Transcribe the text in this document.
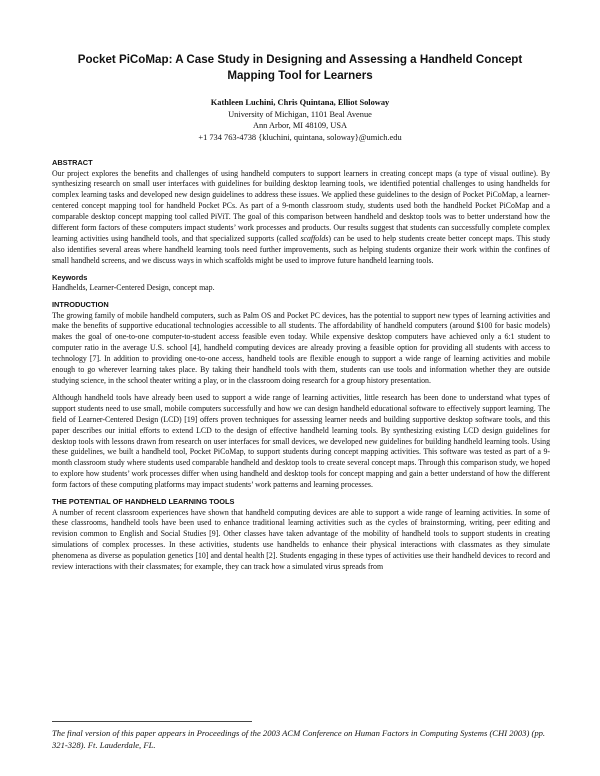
Pocket PiCoMap: A Case Study in Designing and Assessing a Handheld Concept Mapping Tool for Learners
Kathleen Luchini, Chris Quintana, Elliot Soloway
University of Michigan, 1101 Beal Avenue
Ann Arbor, MI 48109, USA
+1 734 763-4738 {kluchini, quintana, soloway}@umich.edu
ABSTRACT

Our project explores the benefits and challenges of using handheld computers to support learners in creating concept maps (a type of visual outline). By synthesizing research on small user interfaces with guidelines for building desktop learning tools, we identified potential challenges to using handhelds for complex learning tasks and developed new design guidelines to address these issues. We applied these guidelines to the design of Pocket PiCoMap, a learner-centered concept mapping tool for handheld Pocket PCs. As part of a 9-month classroom study, students used both the handheld Pocket PiCoMap and a comparable desktop concept mapping tool called PiViT. The goal of this comparison between handheld and desktop tools was to better understand how the different form factors of these computers impact students’ work processes and products. Our results suggest that students can successfully complete complex learning activities using handheld tools, and that specialized supports (called scaffolds) can be used to help students create better concept maps. This study also identifies several areas where handheld learning tools need further improvements, such as helping students organize their work within the confines of small handheld screens, and we discuss ways in which scaffolds might be used to improve future handheld learning tools.

Keywords

Handhelds, Learner-Centered Design, concept map.

INTRODUCTION

The growing family of mobile handheld computers, such as Palm OS and Pocket PC devices, has the potential to support new types of learning activities and make the benefits of supportive educational technologies accessible to all students. The affordability of handheld computers (around $100 for basic models) makes the goal of one-to-one computer-to-student access feasible even today. While expensive desktop computers have achieved only a 6:1 student to computer ratio in the average U.S. school [4], handheld computing devices are already proving a feasible option for providing all students with access to technology [7]. In addition to providing one-to-one access, handheld tools are flexible enough to support a wide range of learning activities and mobile enough to go wherever learning takes place. By taking their handheld tools with them, students can use tools and information whether they are outside studying science, in the school theater writing a play, or in the classroom doing research for a group history presentation.

Although handheld tools have already been used to support a wide range of learning activities, little research has been done to understand what types of support students need to use small, mobile computers successfully and how we can design handheld educational software to effectively support learning. The field of Learner-Centered Design (LCD) [19] offers proven techniques for assessing learner needs and building supportive desktop software tools, and this paper describes our initial efforts to extend LCD to the design of effective handheld learning tools. By synthesizing existing LCD design guidelines for desktop tools with lessons drawn from research on user interfaces for small devices, we developed new guidelines for building handheld learning tools. Using these guidelines, we built a handheld tool, Pocket PiCoMap, to support students during concept mapping activities. This software was tested as part of a 9-month classroom study where students used comparable handheld and desktop tools to create several concept maps. Through this comparison study, we hoped to explore how students’ work processes differ when using handheld and desktop tools for concept mapping and gain a better understand of how the different form factors of these computing platforms may impact students’ work patterns and learning processes.

THE POTENTIAL OF HANDHELD LEARNING TOOLS

A number of recent classroom experiences have shown that handheld computing devices are able to support a wide range of learning activities. In some of these classrooms, handheld tools have been used to enhance traditional learning activities such as the cycles of brainstorming, writing, peer editing and revision common to English and Social Studies [9]. Other classes have taken advantage of the mobility of handheld tools to support students in creating simulations of complex processes. In these activities, students use handhelds to enhance their physical interactions with classmates as they simulate phenomena as diverse as population genetics [10] and dental health [2]. Students engaging in these types of activities use their handheld devices to record and review interactions with their classmates; for example, they can track how a simulated virus spreads from

The final version of this paper appears in Proceedings of the 2003 ACM Conference on Human Factors in Computing Systems (CHI 2003) (pp. 321-328). Ft. Lauderdale, FL.
